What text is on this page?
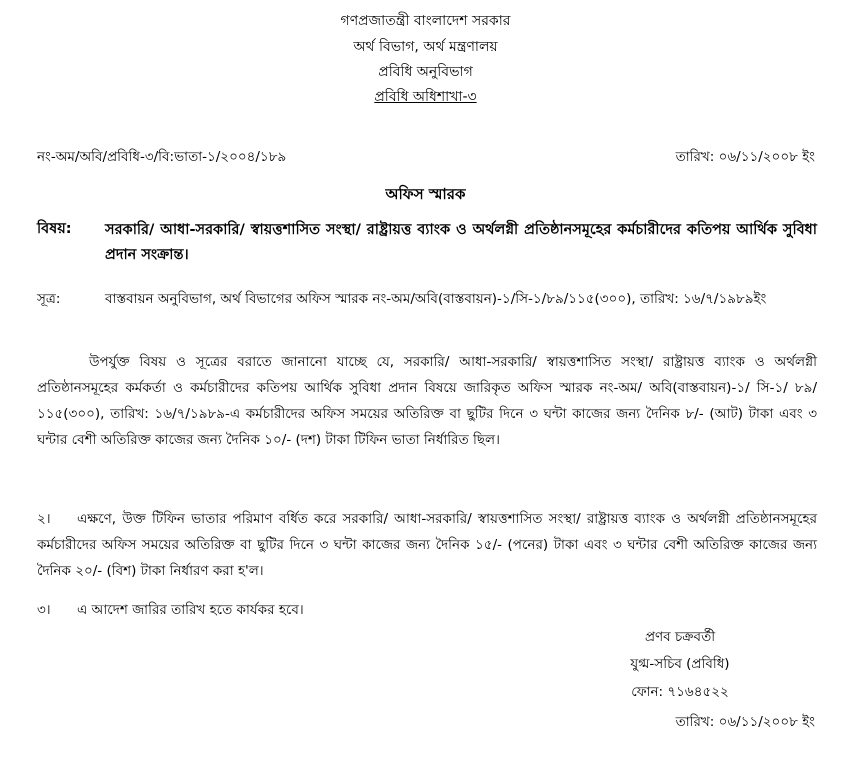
গণপ্রজাতন্ত্রী বাংলাদেশ সরকার
অর্থ বিভাগ, অর্থ মন্ত্রণালয়
প্রবিধি অনুবিভাগ
প্রবিধি অধিশাখা-৩
নং-অম/অবি/প্রবিধি-৩/বি:ভাতা-১/২০০৪/১৮৯	তারিখ: ০৬/১১/২০০৮ ইং
অফিস স্মারক
বিষয়: সরকারি/ আধা-সরকারি/ স্বায়ত্তশাসিত সংস্থা/ রাষ্ট্রায়ত্ত ব্যাংক ও অর্থলগ্নী প্রতিষ্ঠানসমূহের কর্মচারীদের কতিপয় আর্থিক সুবিধা প্রদান সংক্রান্ত।
সূত্র:	বাস্তবায়ন অনুবিভাগ, অর্থ বিভাগের অফিস স্মারক নং-অম/অবি(বাস্তবায়ন)-১/সি-১/৮৯/১১৫(৩০০), তারিখ: ১৬/৭/১৯৮৯ইং
উপর্যুক্ত বিষয় ও সূত্রের বরাতে জানানো যাচ্ছে যে, সরকারি/ আধা-সরকারি/ স্বায়ত্তশাসিত সংস্থা/ রাষ্ট্রায়ত্ত ব্যাংক ও অর্থলগ্নী প্রতিষ্ঠানসমূহের কর্মকর্তা ও কর্মচারীদের কতিপয় আর্থিক সুবিধা প্রদান বিষয়ে জারিকৃত অফিস স্মারক নং-অম/ অবি(বাস্তবায়ন)-১/ সি-১/ ৮৯/ ১১৫(৩০০), তারিখ: ১৬/৭/১৯৮৯-এ কর্মচারীদের অফিস সময়ের অতিরিক্ত বা ছুটির দিনে ৩ ঘন্টা কাজের জন্য দৈনিক ৮/- (আট) টাকা এবং ৩ ঘন্টার বেশী অতিরিক্ত কাজের জন্য দৈনিক ১০/- (দশ) টাকা টিফিন ভাতা নির্ধারিত ছিল।
২। এক্ষণে, উক্ত টিফিন ভাতার পরিমাণ বর্ধিত করে সরকারি/ আধা-সরকারি/ স্বায়ত্তশাসিত সংস্থা/ রাষ্ট্রায়ত্ত ব্যাংক ও অর্থলগ্নী প্রতিষ্ঠানসমূহের কর্মচারীদের অফিস সময়ের অতিরিক্ত বা ছুটির দিনে ৩ ঘন্টা কাজের জন্য দৈনিক ১৫/- (পনের) টাকা এবং ৩ ঘন্টার বেশী অতিরিক্ত কাজের জন্য দৈনিক ২০/- (বিশ) টাকা নির্ধারণ করা হ'ল।
৩। এ আদেশ জারির তারিখ হতে কার্যকর হবে।
প্রণব চক্রবর্তী
যুগ্ম-সচিব (প্রবিধি)
ফোন: ৭১৬৪৫২২
তারিখ: ০৬/১১/২০০৮ ইং
